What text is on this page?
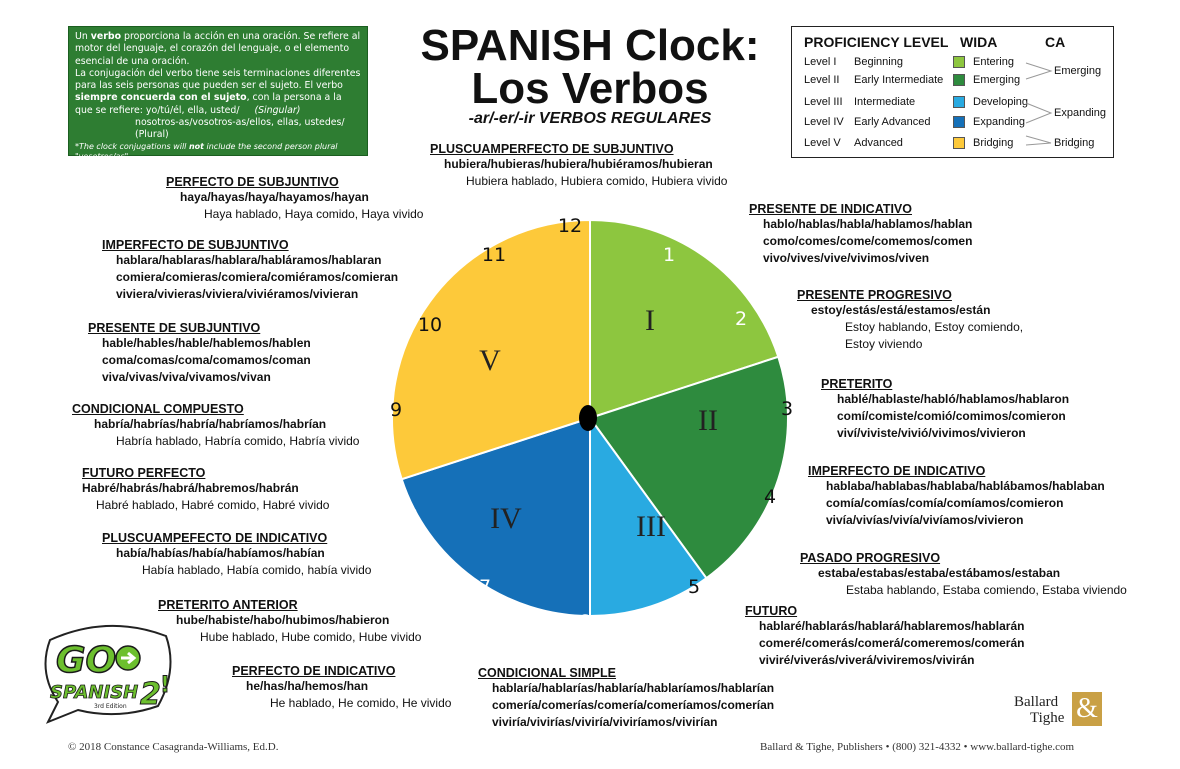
Un verbo proporciona la acción en una oración. Se refiere al motor del lenguaje, el corazón del lenguaje, o el elemento esencial de una oración.

La conjugación del verbo tiene seis terminaciones diferentes para las seis personas que pueden ser el sujeto. El verbo siempre concuerda con el sujeto, con la persona a la que se refiere: yo/tú/él, ella, usted/ (Singular)

nosotros-as/vosotros-as/ellos, ellas, ustedes/ (Plural)

*The clock conjugations will not include the second person plural "vosotros/as".

SPANISH Clock:
Los Verbos
-ar/-er/-ir VERBOS REGULARES
PROFICIENCY LEVEL WIDA	CA
Level I Beginning	Entering
Level II Early Intermediate	Emerging
Level III Intermediate	Developing
Level IV Early Advanced	Expanding
Level V Advanced	Bridging
Emerging
Expanding
Bridging
I
II
III
IV
V
12
1
2
3
4
5
6
7
8
9
10
11
PLUSCUAMPERFECTO DE SUBJUNTIVO
hubiera/hubieras/hubiera/hubiéramos/hubieran
Hubiera hablado, Hubiera comido, Hubiera vivido
PRESENTE DE INDICATIVO
hablo/hablas/habla/hablamos/hablan
como/comes/come/comemos/comen
vivo/vives/vive/vivimos/viven
PRESENTE PROGRESIVO
estoy/estás/está/estamos/están
Estoy hablando, Estoy comiendo,
Estoy viviendo
PRETERITO
hablé/hablaste/habló/hablamos/hablaron
comí/comiste/comió/comimos/comieron
viví/viviste/vivió/vivimos/vivieron
IMPERFECTO DE INDICATIVO
hablaba/hablabas/hablaba/hablábamos/hablaban
comía/comías/comía/comíamos/comieron
vivía/vivías/vivía/vivíamos/vivieron
PASADO PROGRESIVO
estaba/estabas/estaba/estábamos/estaban
Estaba hablando, Estaba comiendo, Estaba viviendo
FUTURO
hablaré/hablarás/hablará/hablaremos/hablarán
comeré/comerás/comerá/comeremos/comerán
viviré/viverás/viverá/viviremos/vivirán
CONDICIONAL SIMPLE
hablaría/hablarías/hablaría/hablaríamos/hablarían
comería/comerías/comería/comeríamos/comerían
viviría/vivirías/viviría/viviríamos/vivirían
PERFECTO DE SUBJUNTIVO
haya/hayas/haya/hayamos/hayan
Haya hablado, Haya comido, Haya vivido
IMPERFECTO DE SUBJUNTIVO
hablara/hablaras/hablara/habláramos/hablaran
comiera/comieras/comiera/comiéramos/comieran
viviera/vivieras/viviera/viviéramos/vivieran
PRESENTE DE SUBJUNTIVO
hable/hables/hable/hablemos/hablen
coma/comas/coma/comamos/coman
viva/vivas/viva/vivamos/vivan
CONDICIONAL COMPUESTO
habría/habrías/habría/habríamos/habrían
Habría hablado, Habría comido, Habría vivido
FUTURO PERFECTO
Habré/habrás/habrá/habremos/habrán
Habré hablado, Habré comido, Habré vivido
PLUSCUAMPEFECTO DE INDICATIVO
había/habías/había/habíamos/habían
Había hablado, Había comido, había vivido
PRETERITO ANTERIOR
hube/habiste/habo/hubimos/habieron
Hube hablado, Hube comido, Hube vivido
PERFECTO DE INDICATIVO
he/has/ha/hemos/han
He hablado, He comido, He vivido
GO
SPANISH 2 !
3rd Edition	Ballard
Tighe &
© 2018 Constance Casagranda-Williams, Ed.D.	Ballard & Tighe, Publishers • (800) 321-4332 • www.ballard-tighe.com
